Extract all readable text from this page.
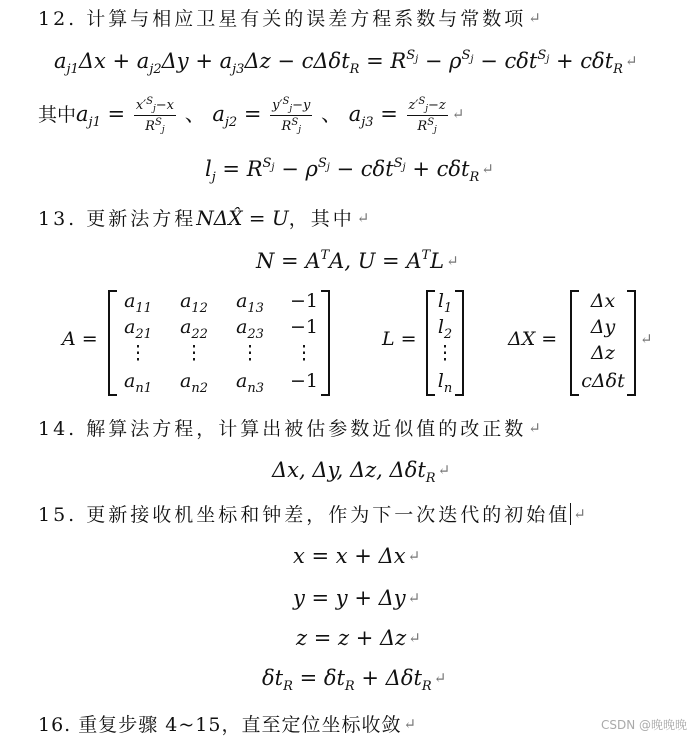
12. 计算与相应卫星有关的误差方程系数与常数项 ↵
$a_{j1}\Delta x + a_{j2}\Delta y + a_{j3}\Delta z - c\Delta\delta t_R = R^{S_j} - \rho^{S_j} - c\delta t^{S_j} + c\delta t_R$ ↵
其中$a_{j1} = \frac{x'^S_j-x}{R^S_j}$ 、 $a_{j2} = \frac{y'^S_j-y}{R^S_j}$ 、 $a_{j3} = \frac{z'^S_j-z}{R^S_j}$ ↵
$l_j = R^{S_j} - \rho^{S_j} - c\delta t^{S_j} + c\delta t_R$ ↵
13. 更新法方程NΔX̂ = U，其中 ↵
$N = A^TA$, $U = A^TL$ ↵
A =
$a_{11}$	$a_{12}$	$a_{13}$	−1
$a_{21}$	$a_{22}$	$a_{23}$	−1
⋮	⋮	⋮	⋮
$a_{n1}$	$a_{n2}$	$a_{n3}$	−1
L =
$l_1$
$l_2$
⋮
$l_n$
ΔX =
Δx
Δy
Δz
cΔδt
↵
14. 解算法方程，计算出被估参数近似值的改正数 ↵
Δx, Δy, Δz, Δδt$_R$ ↵
15. 更新接收机坐标和钟差，作为下一次迭代的初始值 ↵
x = x + Δx ↵
y = y + Δy ↵
z = z + Δz ↵
$\delta t_R = \delta t_R + \Delta\delta t_R$ ↵
16. 重复步骤 4~15，直至定位坐标收敛 ↵	CSDN @晚晚晚
